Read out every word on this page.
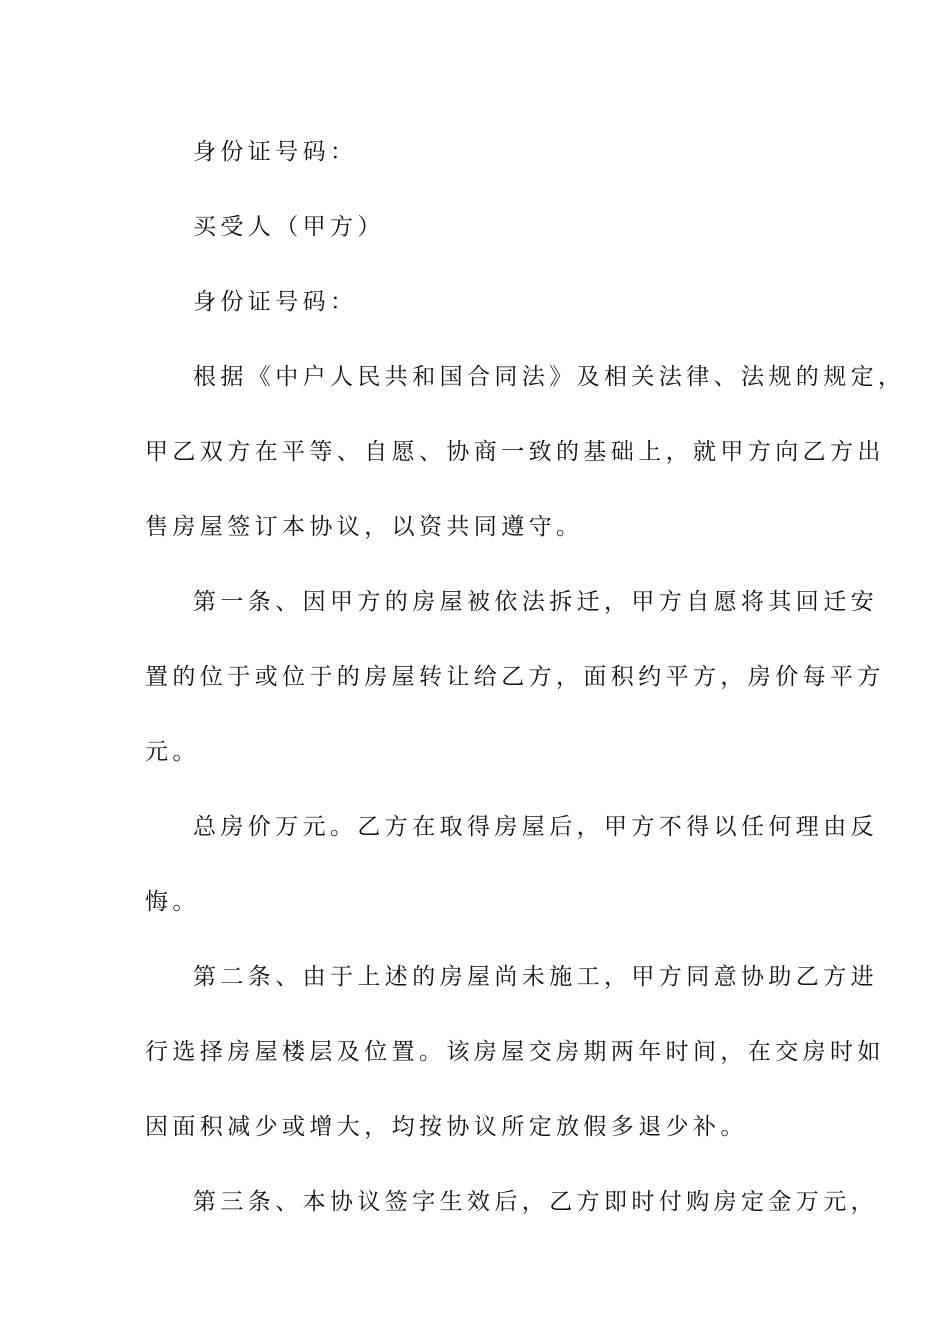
身份证号码：
买受人（甲方）
身份证号码：
根据《中户人民共和国合同法》及相关法律、法规的规定，
甲乙双方在平等、自愿、协商一致的基础上，就甲方向乙方出
售房屋签订本协议，以资共同遵守。
第一条、因甲方的房屋被依法拆迁，甲方自愿将其回迁安
置的位于或位于的房屋转让给乙方，面积约平方，房价每平方
元。
总房价万元。乙方在取得房屋后，甲方不得以任何理由反
悔。
第二条、由于上述的房屋尚未施工，甲方同意协助乙方进
行选择房屋楼层及位置。该房屋交房期两年时间，在交房时如
因面积减少或增大，均按协议所定放假多退少补。
第三条、本协议签字生效后，乙方即时付购房定金万元，
